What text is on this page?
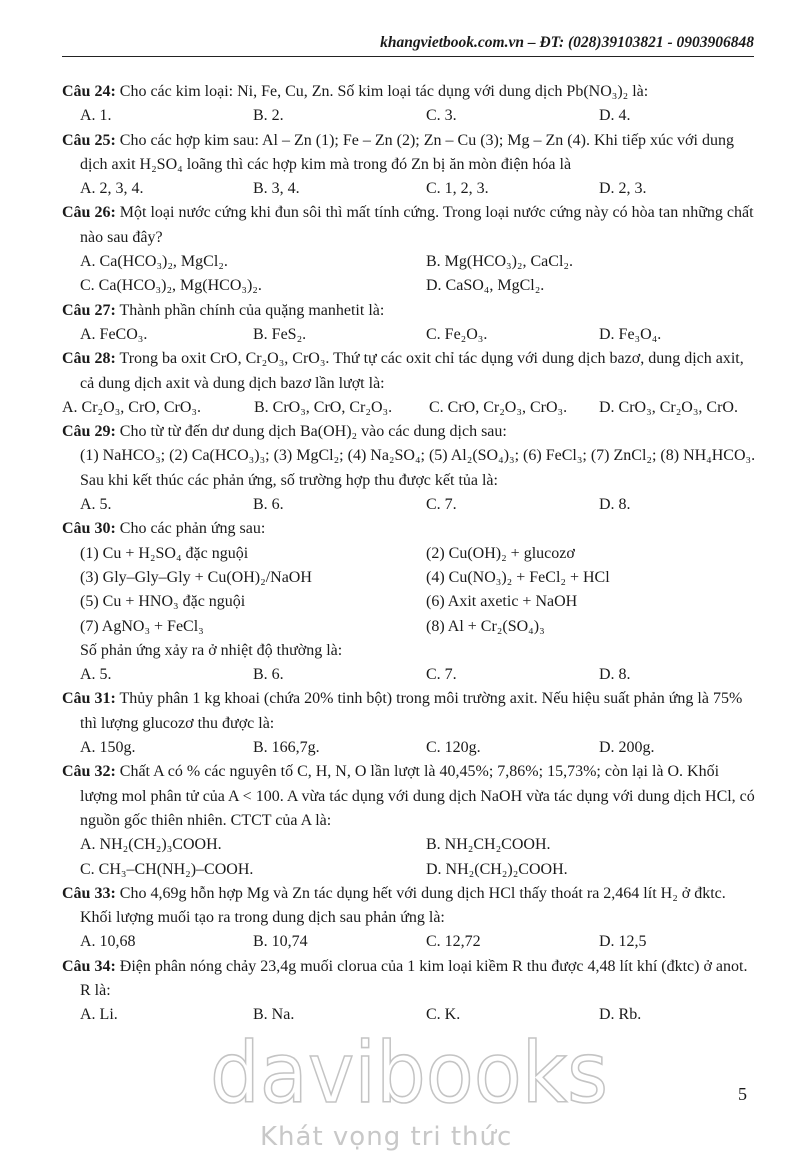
khangvietbook.com.vn – ĐT: (028)39103821 - 0903906848

Câu 24: Cho các kim loại: Ni, Fe, Cu, Zn. Số kim loại tác dụng với dung dịch Pb(NO₃)₂ là:

A. 1.	B. 2.	C. 3.	D. 4.

Câu 25: Cho các hợp kim sau: Al – Zn (1); Fe – Zn (2); Zn – Cu (3); Mg – Zn (4). Khi tiếp xúc với dung dịch axit H₂SO₄ loãng thì các hợp kim mà trong đó Zn bị ăn mòn điện hóa là

A. 2, 3, 4.	B. 3, 4.	C. 1, 2, 3.	D. 2, 3.

Câu 26: Một loại nước cứng khi đun sôi thì mất tính cứng. Trong loại nước cứng này có hòa tan những chất nào sau đây?

A. Ca(HCO₃)₂, MgCl₂.	B. Mg(HCO₃)₂, CaCl₂.
C. Ca(HCO₃)₂, Mg(HCO₃)₂.	D. CaSO₄, MgCl₂.

Câu 27: Thành phần chính của quặng manhetit là:

A. FeCO₃.	B. FeS₂.	C. Fe₂O₃.	D. Fe₃O₄.

Câu 28: Trong ba oxit CrO, Cr₂O₃, CrO₃. Thứ tự các oxit chỉ tác dụng với dung dịch bazơ, dung dịch axit, cả dung dịch axit và dung dịch bazơ lần lượt là:

A. Cr₂O₃, CrO, CrO₃.	B. CrO₃, CrO, Cr₂O₃.	C. CrO, Cr₂O₃, CrO₃.	D. CrO₃, Cr₂O₃, CrO.

Câu 29: Cho từ từ đến dư dung dịch Ba(OH)₂ vào các dung dịch sau:

(1) NaHCO₃; (2) Ca(HCO₃)₃; (3) MgCl₂; (4) Na₂SO₄; (5) Al₂(SO₄)₃; (6) FeCl₃; (7) ZnCl₂; (8) NH₄HCO₃.

Sau khi kết thúc các phản ứng, số trường hợp thu được kết tủa là:

A. 5.	B. 6.	C. 7.	D. 8.

Câu 30: Cho các phản ứng sau:

(1) Cu + H₂SO₄ đặc nguội	(2) Cu(OH)₂ + glucozơ
(3) Gly–Gly–Gly + Cu(OH)₂/NaOH	(4) Cu(NO₃)₂ + FeCl₂ + HCl
(5) Cu + HNO₃ đặc nguội	(6) Axit axetic + NaOH
(7) AgNO₃ + FeCl₃	(8) Al + Cr₂(SO₄)₃

Số phản ứng xảy ra ở nhiệt độ thường là:

A. 5.	B. 6.	C. 7.	D. 8.

Câu 31: Thủy phân 1 kg khoai (chứa 20% tinh bột) trong môi trường axit. Nếu hiệu suất phản ứng là 75% thì lượng glucozơ thu được là:

A. 150g.	B. 166,7g.	C. 120g.	D. 200g.

Câu 32: Chất A có % các nguyên tố C, H, N, O lần lượt là 40,45%; 7,86%; 15,73%; còn lại là O. Khối lượng mol phân tử của A < 100. A vừa tác dụng với dung dịch NaOH vừa tác dụng với dung dịch HCl, có nguồn gốc thiên nhiên. CTCT của A là:

A. NH₂(CH₂)₃COOH.	B. NH₂CH₂COOH.
C. CH₃–CH(NH₂)–COOH.	D. NH₂(CH₂)₂COOH.

Câu 33: Cho 4,69g hỗn hợp Mg và Zn tác dụng hết với dung dịch HCl thấy thoát ra 2,464 lít H₂ ở đktc. Khối lượng muối tạo ra trong dung dịch sau phản ứng là:

A. 10,68	B. 10,74	C. 12,72	D. 12,5

Câu 34: Điện phân nóng chảy 23,4g muối clorua của 1 kim loại kiềm R thu được 4,48 lít khí (đktc) ở anot. R là:

A. Li.	B. Na.	C. K.	D. Rb.
davibooks
Khát vọng tri thức
5
